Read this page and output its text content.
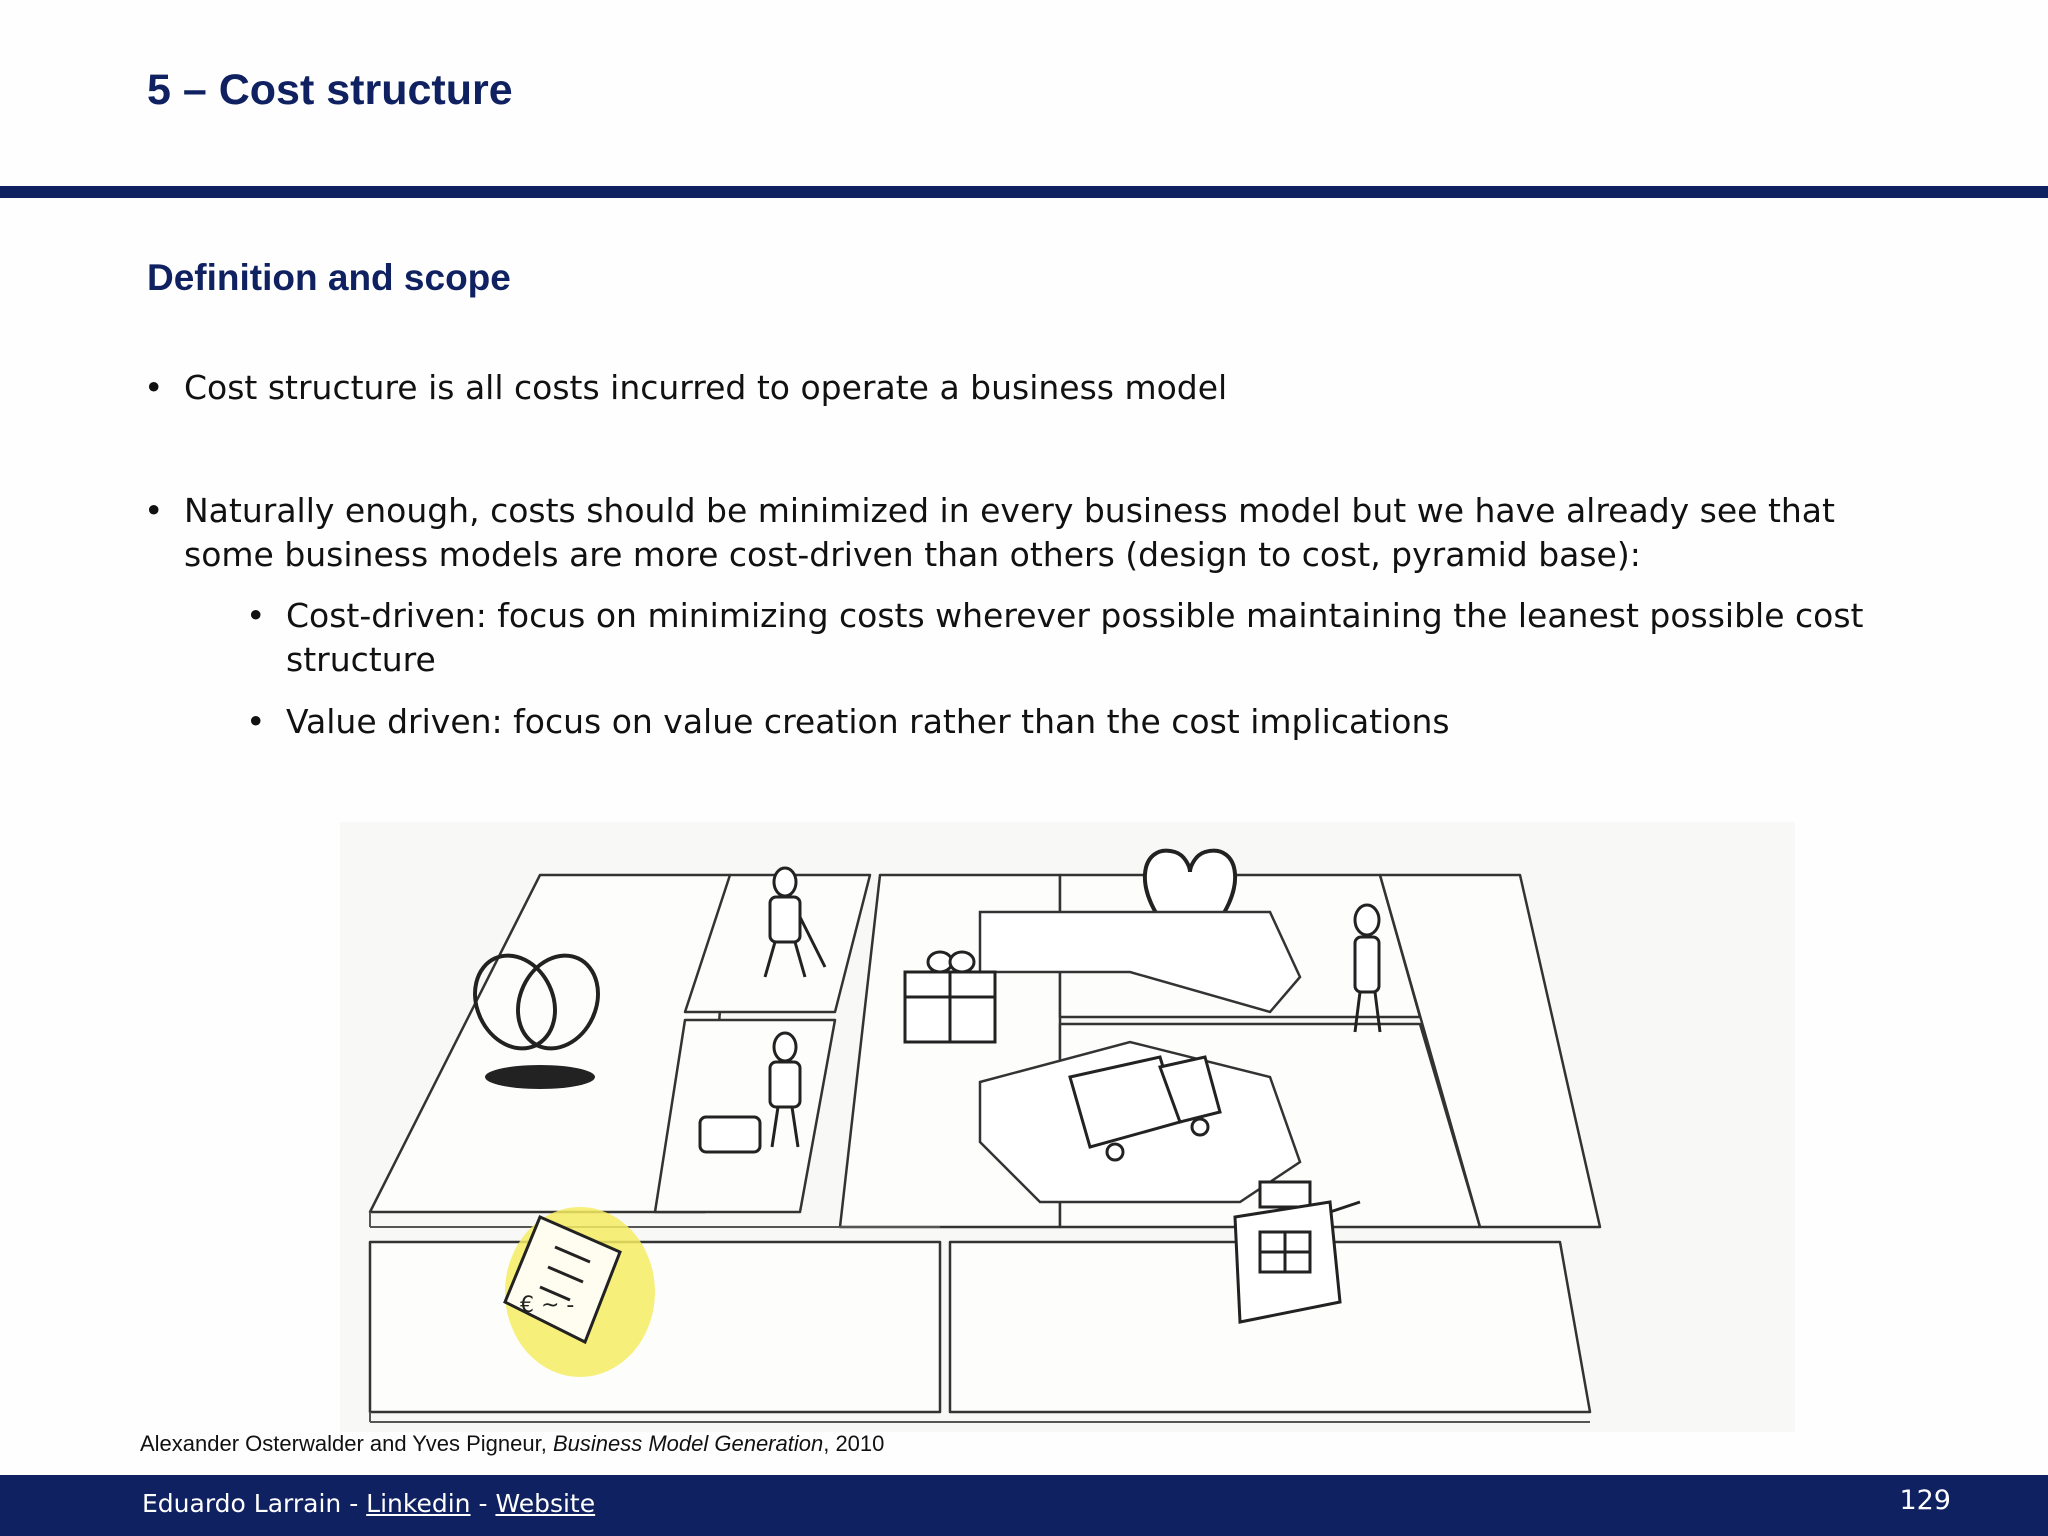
5 – Cost structure
Definition and scope
• Cost structure is all costs incurred to operate a business model
• Naturally enough, costs should be minimized in every business model but we have already see that some business models are more cost-driven than others (design to cost, pyramid base):
• Cost-driven: focus on minimizing costs wherever possible maintaining the leanest possible cost structure
• Value driven: focus on value creation rather than the cost implications
€ ~ -
Alexander Osterwalder and Yves Pigneur, Business Model Generation, 2010
Eduardo Larrain - Linkedin - Website	129
